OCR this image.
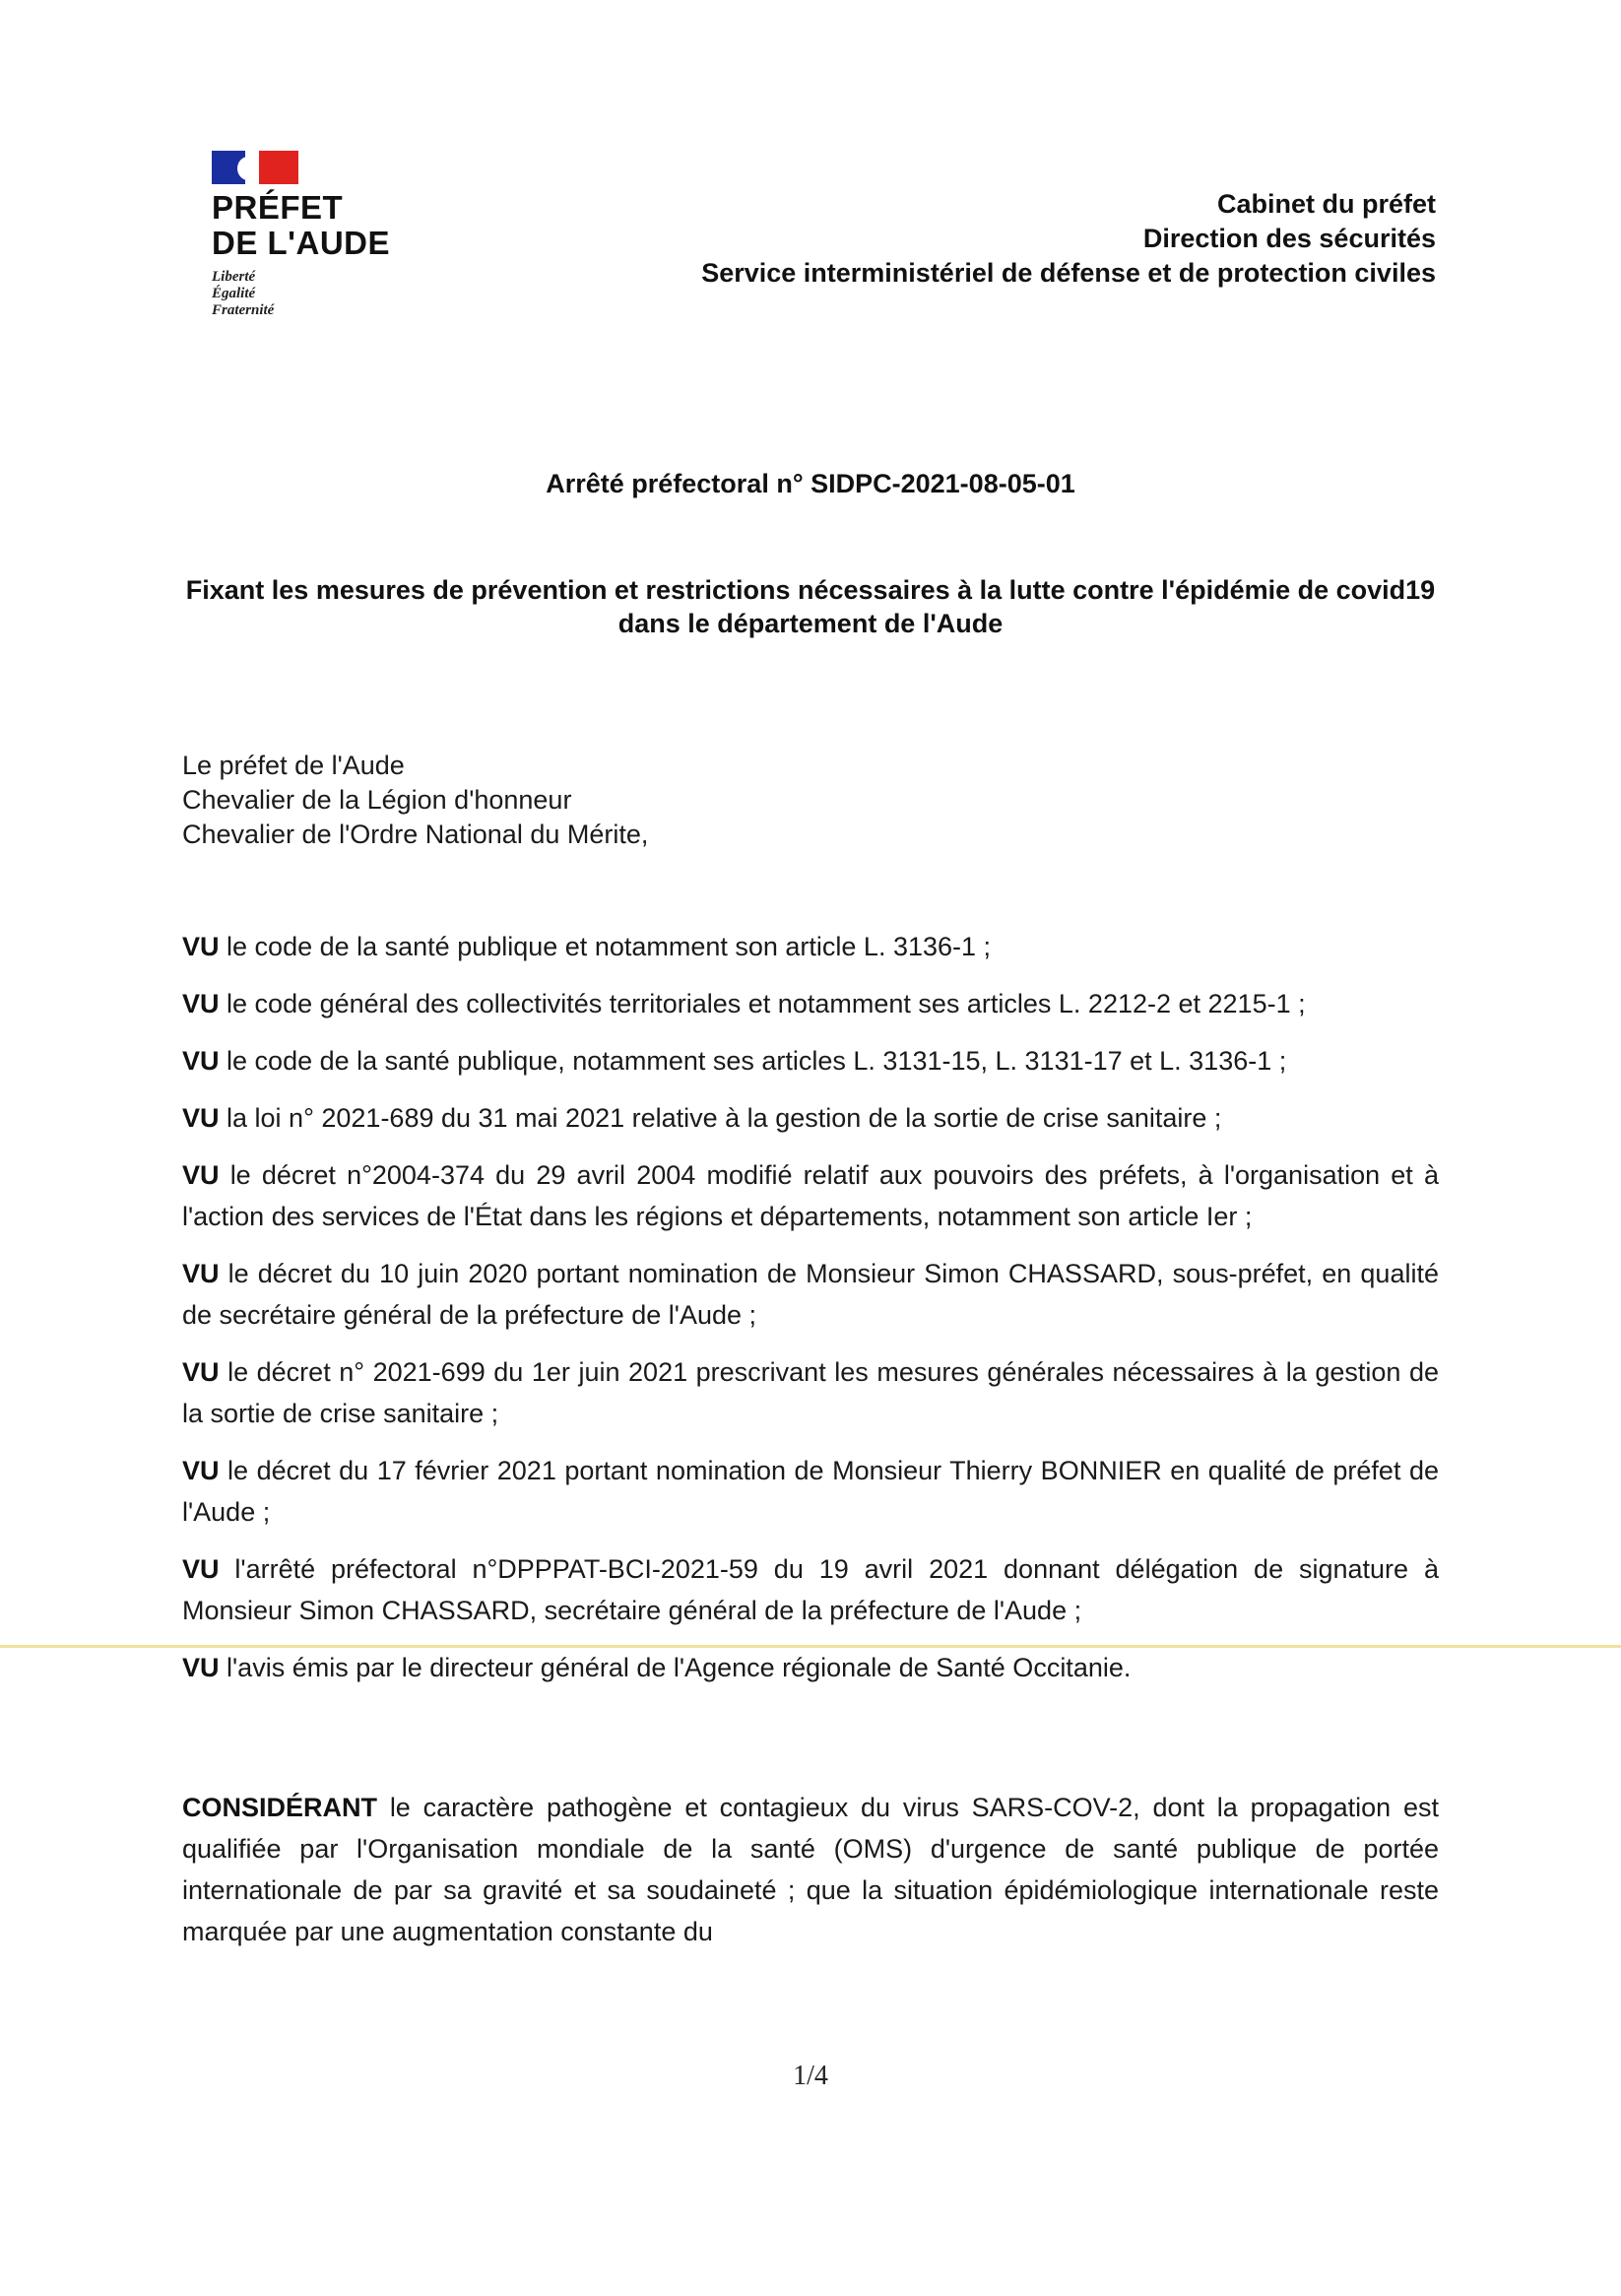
PRÉFET
DE L'AUDE
Liberté
Égalité
Fraternité
Cabinet du préfet
Direction des sécurités
Service interministériel de défense et de protection civiles
Arrêté préfectoral n° SIDPC-2021-08-05-01
Fixant les mesures de prévention et restrictions nécessaires à la lutte contre l'épidémie de covid19 dans le département de l'Aude
Le préfet de l'Aude
Chevalier de la Légion d'honneur
Chevalier de l'Ordre National du Mérite,

VU le code de la santé publique et notamment son article L. 3136-1 ;

VU le code général des collectivités territoriales et notamment ses articles L. 2212-2 et 2215-1 ;

VU le code de la santé publique, notamment ses articles L. 3131-15, L. 3131-17 et L. 3136-1 ;

VU la loi n° 2021-689 du 31 mai 2021 relative à la gestion de la sortie de crise sanitaire ;

VU le décret n°2004-374 du 29 avril 2004 modifié relatif aux pouvoirs des préfets, à l'organisation et à l'action des services de l'État dans les régions et départements, notamment son article Ier ;

VU le décret du 10 juin 2020 portant nomination de Monsieur Simon CHASSARD, sous-préfet, en qualité de secrétaire général de la préfecture de l'Aude ;

VU le décret n° 2021-699 du 1er juin 2021 prescrivant les mesures générales nécessaires à la gestion de la sortie de crise sanitaire ;

VU le décret du 17 février 2021 portant nomination de Monsieur Thierry BONNIER en qualité de préfet de l'Aude ;

VU l'arrêté préfectoral n°DPPPAT-BCI-2021-59 du 19 avril 2021 donnant délégation de signature à Monsieur Simon CHASSARD, secrétaire général de la préfecture de l'Aude ;

VU l'avis émis par le directeur général de l'Agence régionale de Santé Occitanie.

CONSIDÉRANT le caractère pathogène et contagieux du virus SARS-COV-2, dont la propagation est qualifiée par l'Organisation mondiale de la santé (OMS) d'urgence de santé publique de portée internationale de par sa gravité et sa soudaineté ; que la situation épidémiologique internationale reste marquée par une augmentation constante du

1/4
